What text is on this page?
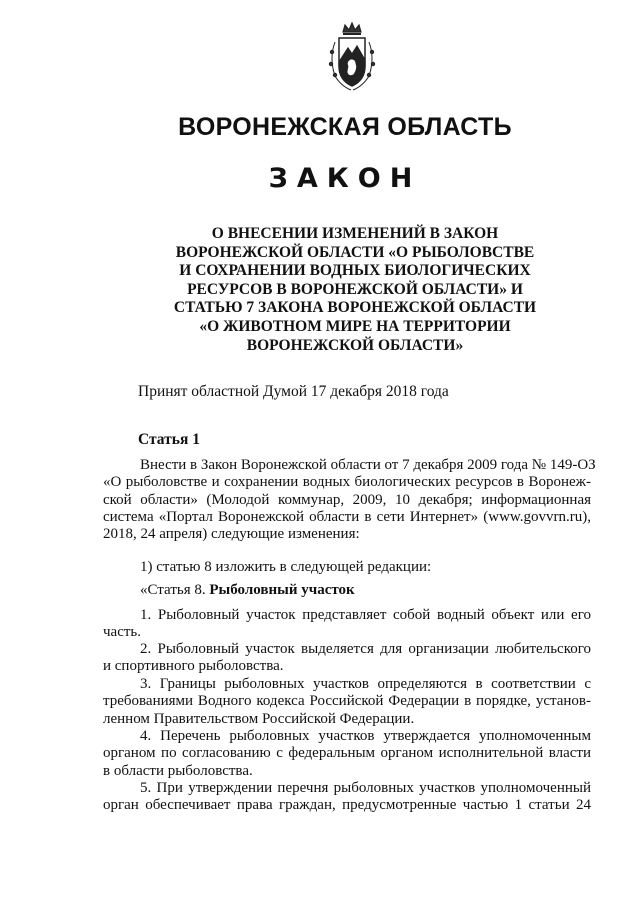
ВОРОНЕЖСКАЯ ОБЛАСТЬ
ЗАКОН
О ВНЕСЕНИИ ИЗМЕНЕНИЙ В ЗАКОН
ВОРОНЕЖСКОЙ ОБЛАСТИ «О РЫБОЛОВСТВЕ
И СОХРАНЕНИИ ВОДНЫХ БИОЛОГИЧЕСКИХ
РЕСУРСОВ В ВОРОНЕЖСКОЙ ОБЛАСТИ» И
СТАТЬЮ 7 ЗАКОНА ВОРОНЕЖСКОЙ ОБЛАСТИ
«О ЖИВОТНОМ МИРЕ НА ТЕРРИТОРИИ
ВОРОНЕЖСКОЙ ОБЛАСТИ»
Принят областной Думой 17 декабря 2018 года
Статья 1
Внести в Закон Воронежской области от 7 декабря 2009 года № 149-ОЗ
«О рыболовстве и сохранении водных биологических ресурсов в Воронеж-
ской области» (Молодой коммунар, 2009, 10 декабря; информационная
система «Портал Воронежской области в сети Интернет» (www.govvrn.ru),
2018, 24 апреля) следующие изменения:
1) статью 8 изложить в следующей редакции:
«Статья 8. Рыболовный участок
1. Рыболовный участок представляет собой водный объект или его
часть.
2. Рыболовный участок выделяется для организации любительского
и спортивного рыболовства.
3. Границы рыболовных участков определяются в соответствии с
требованиями Водного кодекса Российской Федерации в порядке, установ-
ленном Правительством Российской Федерации.
4. Перечень рыболовных участков утверждается уполномоченным
органом по согласованию с федеральным органом исполнительной власти
в области рыболовства.
5. При утверждении перечня рыболовных участков уполномоченный
орган обеспечивает права граждан, предусмотренные частью 1 статьи 24
